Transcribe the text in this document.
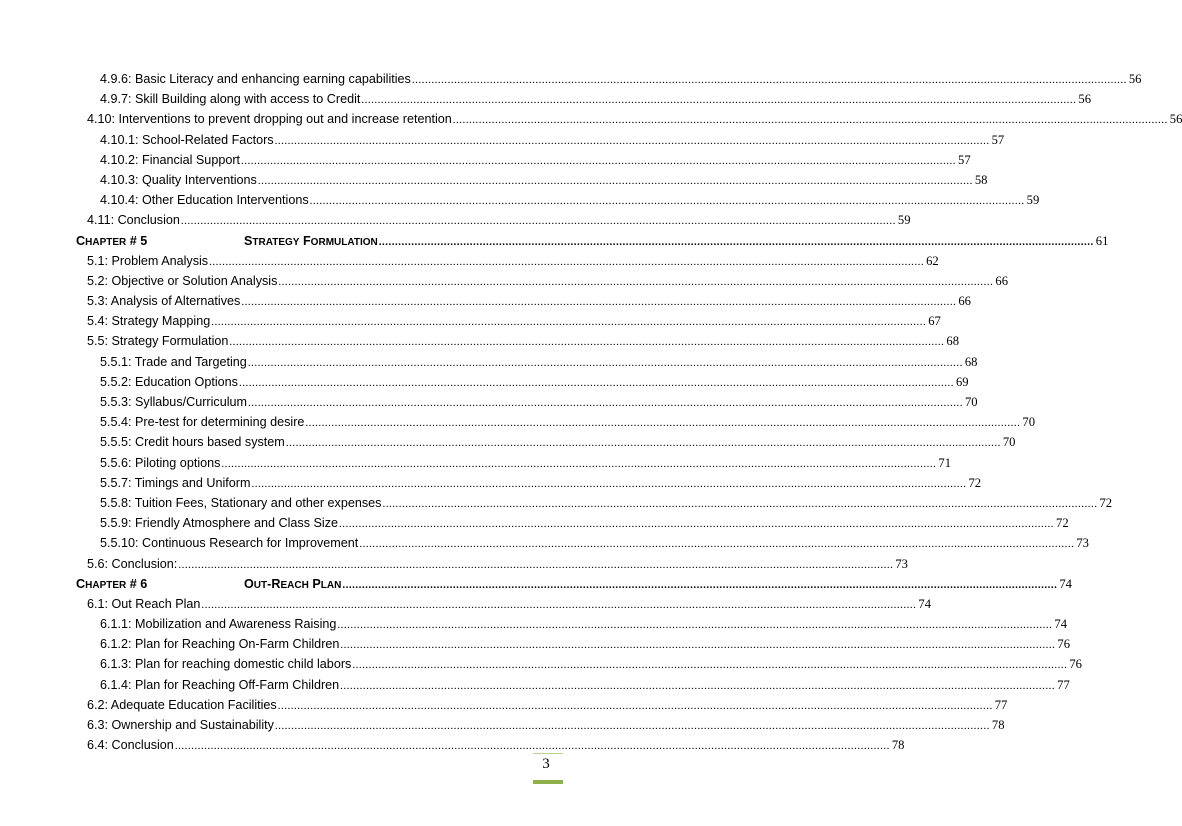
4.9.6: Basic Literacy and enhancing earning capabilities ............................................................................................................................................................................................................................ 56
4.9.7: Skill Building along with access to Credit ............................................................................................................................................................................................................................ 56
4.10: Interventions to prevent dropping out and increase retention ............................................................................................................................................................................................................................ 56
4.10.1: School-Related Factors ............................................................................................................................................................................................................................ 57
4.10.2: Financial Support ............................................................................................................................................................................................................................ 57
4.10.3: Quality Interventions ............................................................................................................................................................................................................................ 58
4.10.4: Other Education Interventions ............................................................................................................................................................................................................................ 59
4.11: Conclusion ............................................................................................................................................................................................................................ 59
CHAPTER # 5	STRATEGY FORMULATION ............................................................................................................................................................................................................................ 61
5.1: Problem Analysis ............................................................................................................................................................................................................................ 62
5.2: Objective or Solution Analysis ............................................................................................................................................................................................................................ 66
5.3: Analysis of Alternatives ............................................................................................................................................................................................................................ 66
5.4: Strategy Mapping ............................................................................................................................................................................................................................ 67
5.5: Strategy Formulation ............................................................................................................................................................................................................................ 68
5.5.1: Trade and Targeting ............................................................................................................................................................................................................................ 68
5.5.2: Education Options ............................................................................................................................................................................................................................ 69
5.5.3: Syllabus/Curriculum ............................................................................................................................................................................................................................ 70
5.5.4: Pre-test for determining desire ............................................................................................................................................................................................................................ 70
5.5.5: Credit hours based system ............................................................................................................................................................................................................................ 70
5.5.6: Piloting options ............................................................................................................................................................................................................................ 71
5.5.7: Timings and Uniform ............................................................................................................................................................................................................................ 72
5.5.8: Tuition Fees, Stationary and other expenses ............................................................................................................................................................................................................................ 72
5.5.9: Friendly Atmosphere and Class Size ............................................................................................................................................................................................................................ 72
5.5.10: Continuous Research for Improvement ............................................................................................................................................................................................................................ 73
5.6: Conclusion: ............................................................................................................................................................................................................................ 73
CHAPTER # 6	OUT-REACH PLAN ............................................................................................................................................................................................................................ 74
6.1: Out Reach Plan ............................................................................................................................................................................................................................ 74
6.1.1: Mobilization and Awareness Raising ............................................................................................................................................................................................................................ 74
6.1.2: Plan for Reaching On-Farm Children ............................................................................................................................................................................................................................ 76
6.1.3: Plan for reaching domestic child labors ............................................................................................................................................................................................................................ 76
6.1.4: Plan for Reaching Off-Farm Children ............................................................................................................................................................................................................................ 77
6.2: Adequate Education Facilities ............................................................................................................................................................................................................................ 77
6.3: Ownership and Sustainability ............................................................................................................................................................................................................................ 78
6.4: Conclusion ............................................................................................................................................................................................................................ 78
3
